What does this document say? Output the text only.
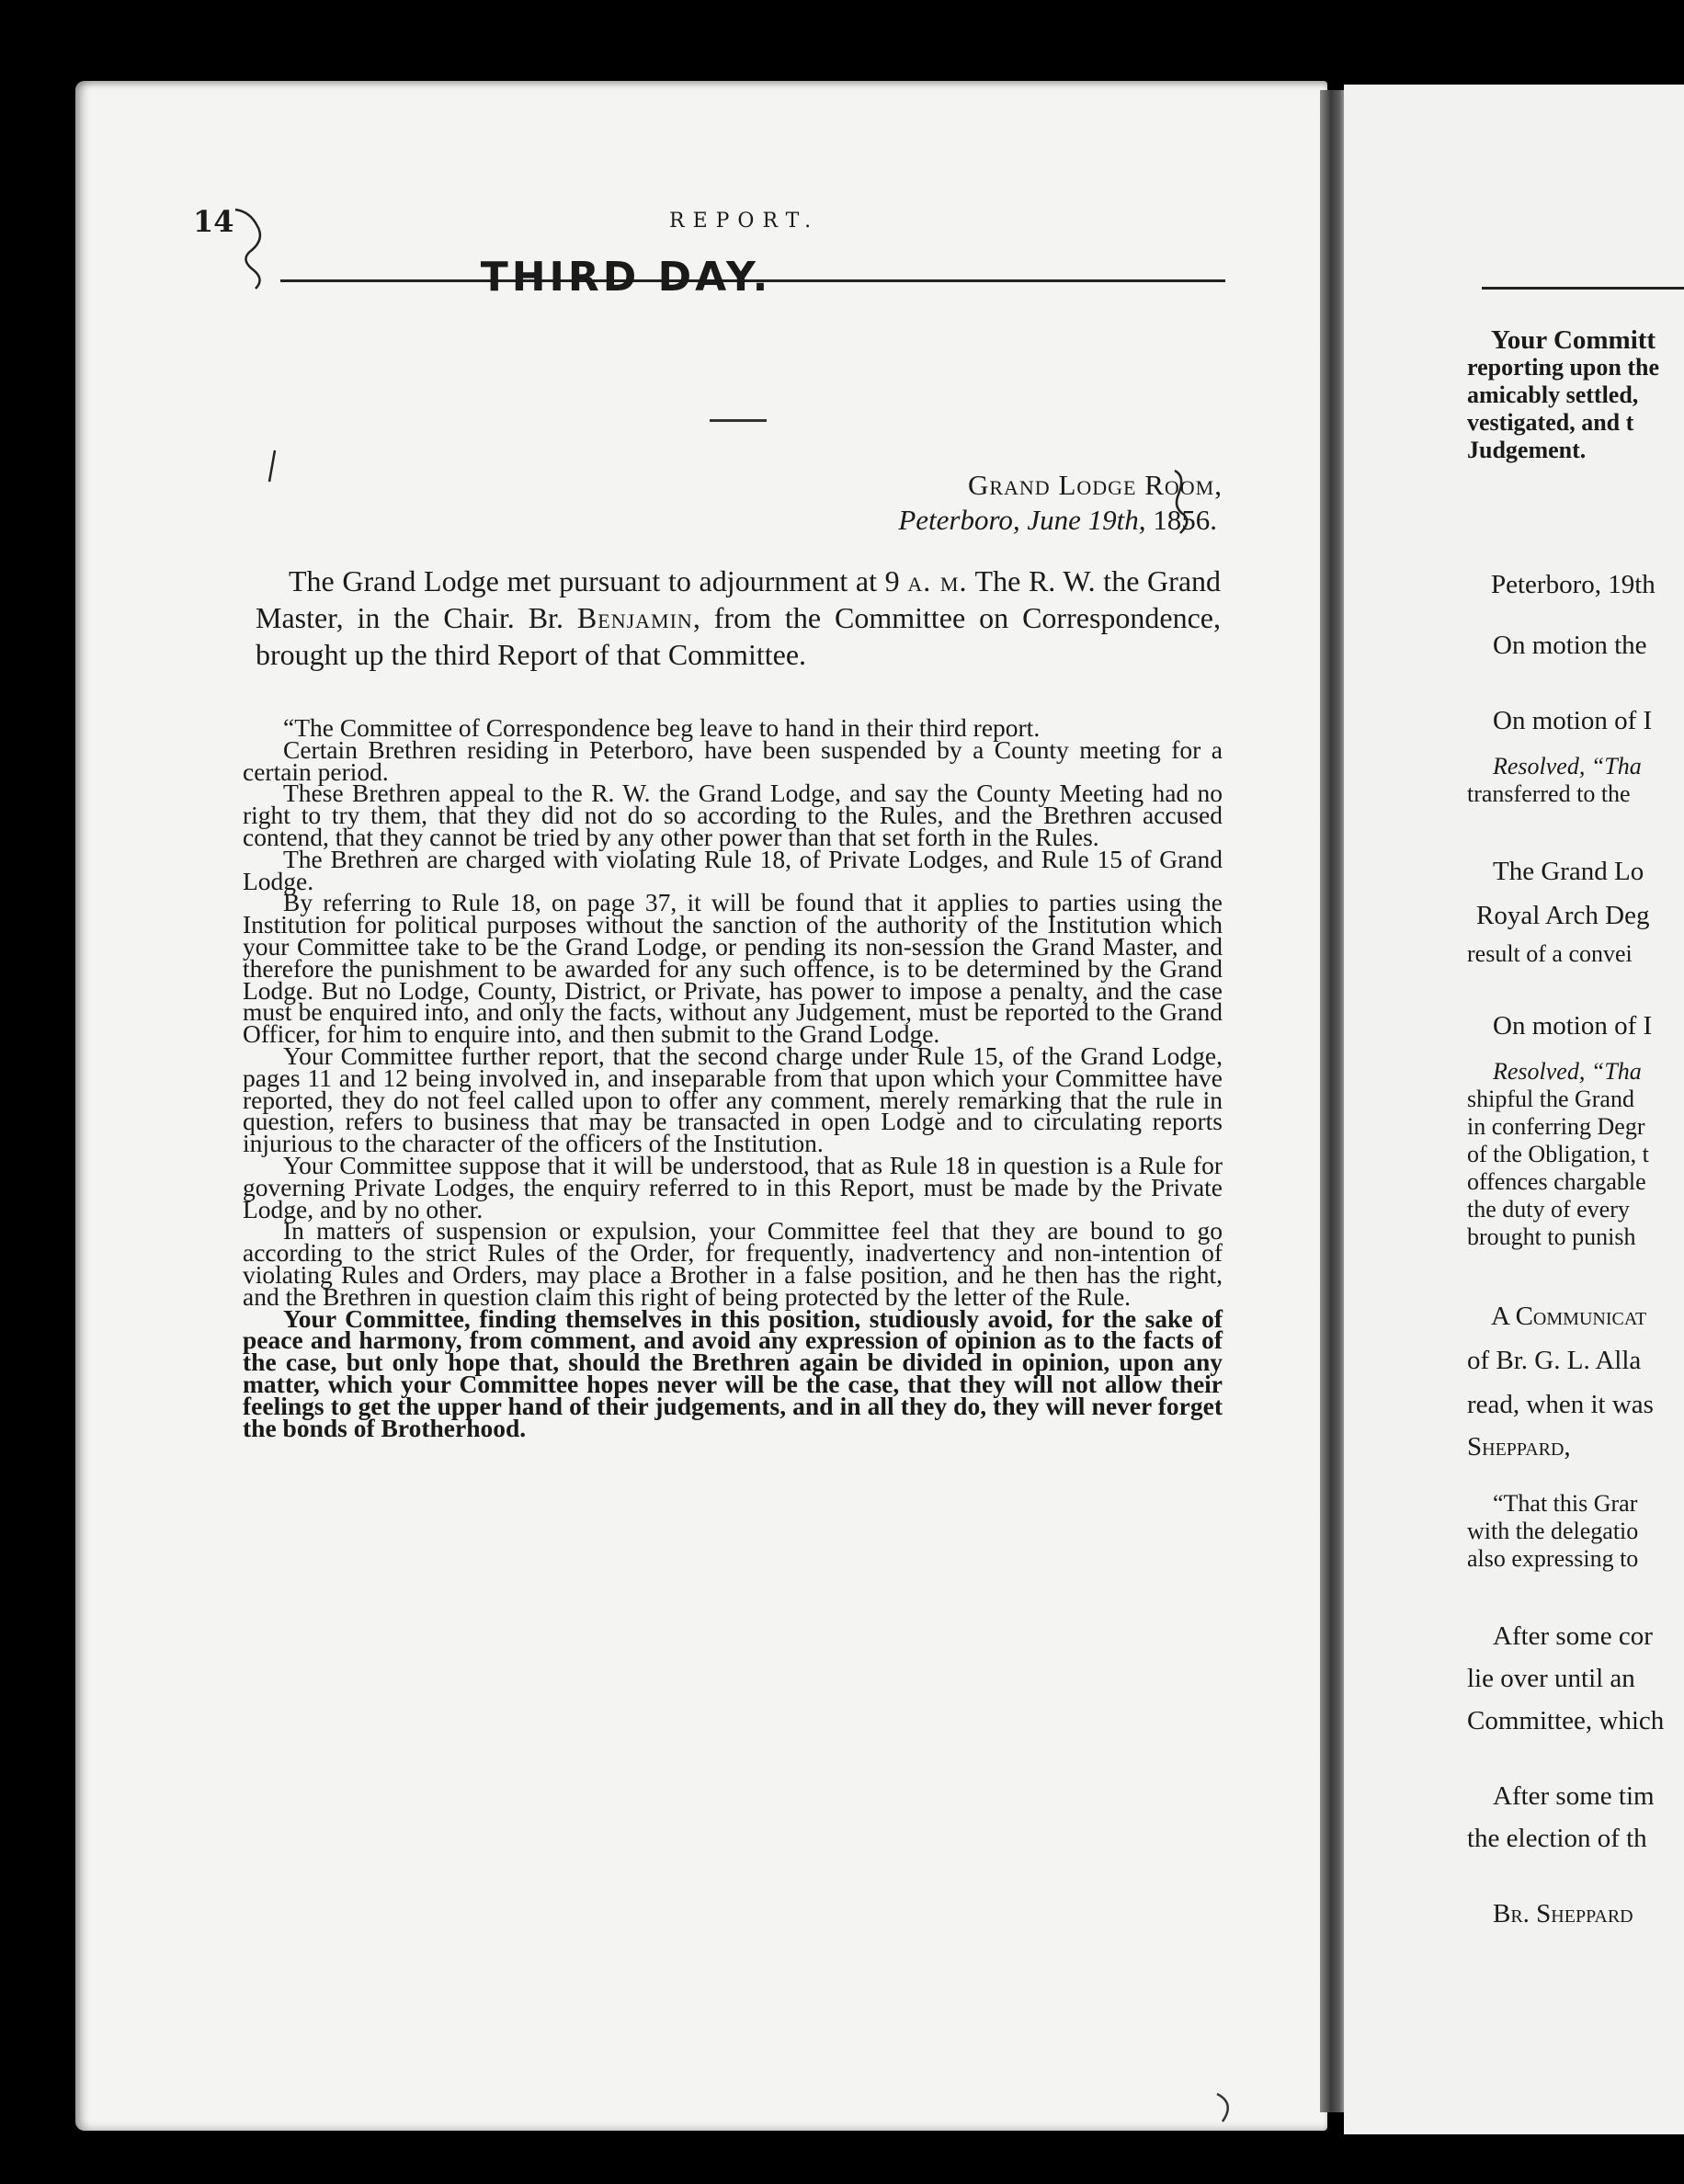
14	REPORT.
THIRD DAY.
Grand Lodge Room,
Peterboro, June 19th, 1856.
The Grand Lodge met pursuant to adjournment at 9 a. m. The R. W. the Grand Master, in the Chair. Br. Benjamin, from the Committee on Correspondence, brought up the third Report of that Committee.

“The Committee of Correspondence beg leave to hand in their third report.

Certain Brethren residing in Peterboro, have been suspended by a County meeting for a certain period.

These Brethren appeal to the R. W. the Grand Lodge, and say the County Meeting had no right to try them, that they did not do so according to the Rules, and the Brethren accused contend, that they cannot be tried by any other power than that set forth in the Rules.

The Brethren are charged with violating Rule 18, of Private Lodges, and Rule 15 of Grand Lodge.

By referring to Rule 18, on page 37, it will be found that it applies to parties using the Institution for political purposes without the sanction of the authority of the Institution which your Committee take to be the Grand Lodge, or pending its non-session the Grand Master, and therefore the punishment to be awarded for any such offence, is to be determined by the Grand Lodge. But no Lodge, County, District, or Private, has power to impose a penalty, and the case must be enquired into, and only the facts, without any Judgement, must be reported to the Grand Officer, for him to enquire into, and then submit to the Grand Lodge.

Your Committee further report, that the second charge under Rule 15, of the Grand Lodge, pages 11 and 12 being involved in, and inseparable from that upon which your Committee have reported, they do not feel called upon to offer any comment, merely remarking that the rule in question, refers to business that may be transacted in open Lodge and to circulating reports injurious to the character of the officers of the Institution.

Your Committee suppose that it will be understood, that as Rule 18 in question is a Rule for governing Private Lodges, the enquiry referred to in this Report, must be made by the Private Lodge, and by no other.

In matters of suspension or expulsion, your Committee feel that they are bound to go according to the strict Rules of the Order, for frequently, inadvertency and non-intention of violating Rules and Orders, may place a Brother in a false position, and he then has the right, and the Brethren in question claim this right of being protected by the letter of the Rule.

Your Committee, finding themselves in this position, studiously avoid, for the sake of peace and harmony, from comment, and avoid any expression of opinion as to the facts of the case, but only hope that, should the Brethren again be divided in opinion, upon any matter, which your Committee hopes never will be the case, that they will not allow their feelings to get the upper hand of their judgements, and in all they do, they will never forget the bonds of Brotherhood.

Your Committ
reporting upon the
amicably settled,
vestigated, and t
Judgement.
Peterboro, 19th
On motion the
On motion of I
Resolved, “Tha
transferred to the
The Grand Lo
Royal Arch Deg
result of a convei
On motion of I
Resolved, “Tha
shipful the Grand
in conferring Degr
of the Obligation, t
offences chargable
the duty of every
brought to punish
A Communicat
of Br. G. L. Alla
read, when it was
Sheppard,
“That this Grar
with the delegatio
also expressing to
After some cor
lie over until an
Committee, which
After some tim
the election of th
Br. Sheppard
